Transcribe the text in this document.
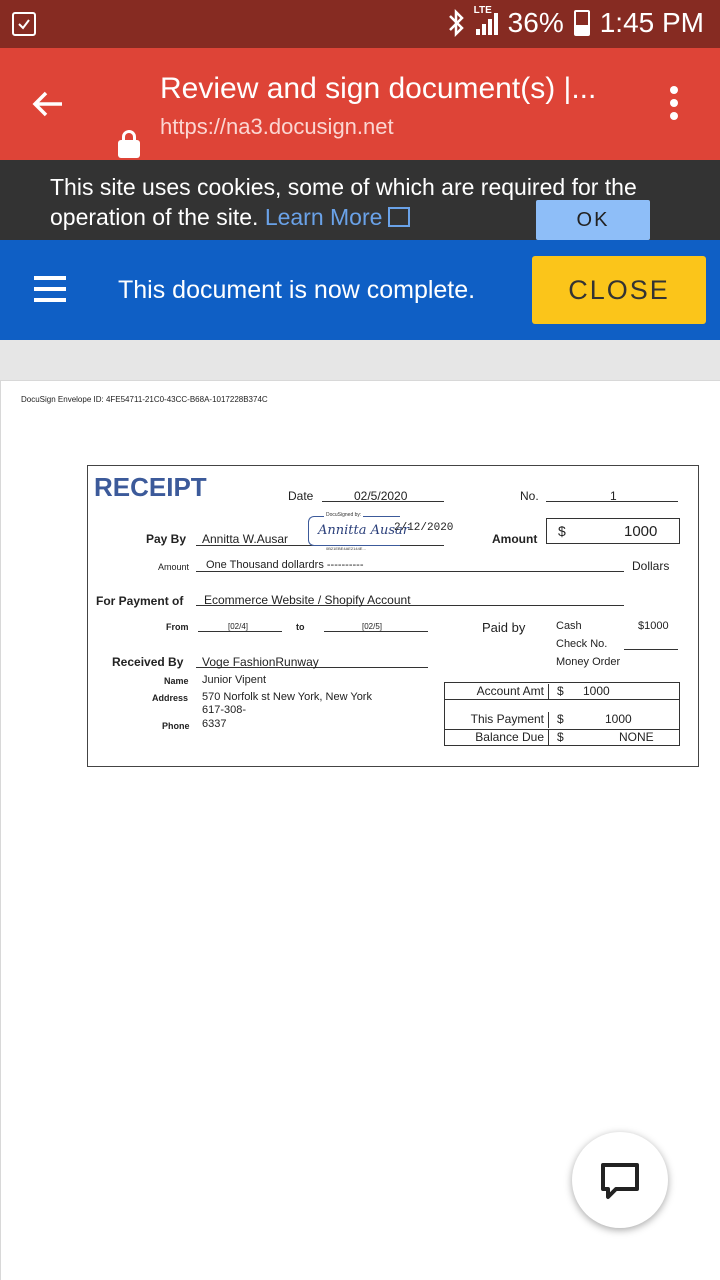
LTE 36% 1:45 PM
Review and sign document(s) |...
https://na3.docusign.net
This site uses cookies, some of which are required for the operation of the site. Learn More	OK
This document is now complete.	CLOSE
DocuSign Envelope ID: 4FE54711-21C0-43CC-B68A-1017228B374C
RECEIPT	Date	02/5/2020	No.	1
Pay By Annitta W.Ausar
DocuSigned by:
Annitta Ausar
0B21EBE4AE2144E...
2/12/2020
Amount $	1000
Amount One Thousand dollardrs ----------	Dollars
For Payment of Ecommerce Website / Shopify Account
From	[02/4]	to	[02/5]	Paid by	Cash	$1000
Check No.
Money Order
Received By Voge FashionRunway
Name Junior Vipent
Address 570 Norfolk st New York, New York
617-308-
Phone 6337
Account Amt	$ 1000
This Payment	$	1000
Balance Due	$	NONE
